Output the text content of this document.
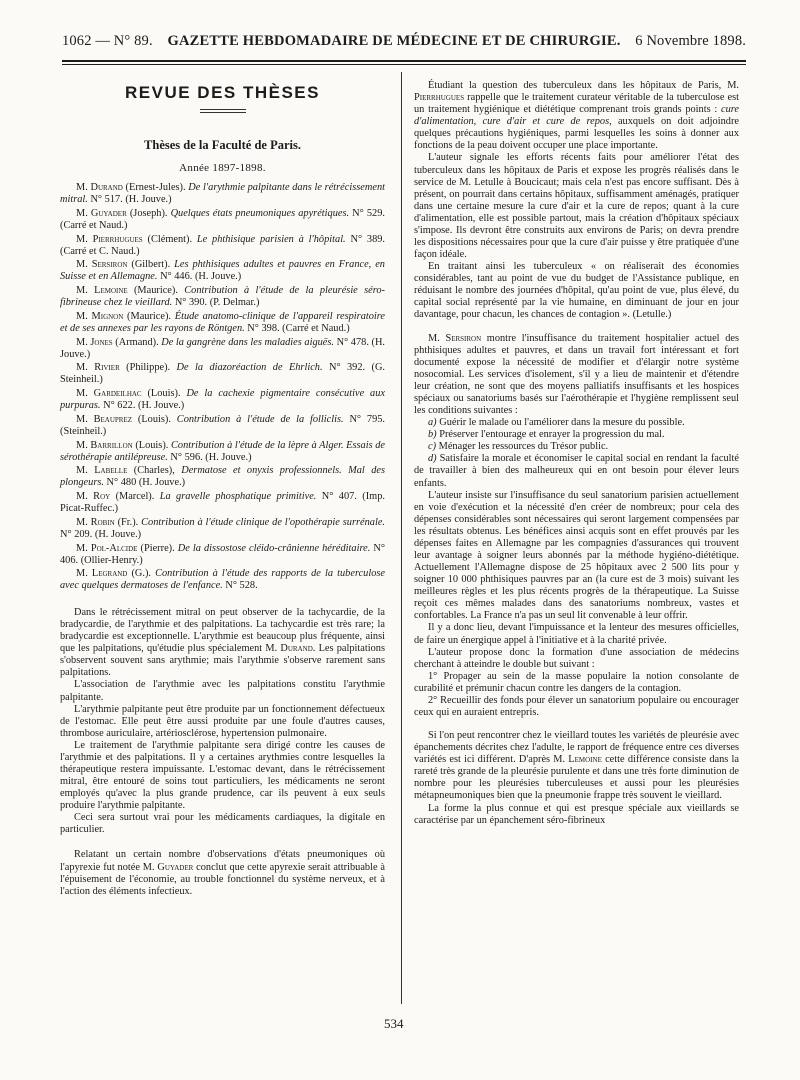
1062 — N° 89. GAZETTE HEBDOMADAIRE DE MÉDECINE ET DE CHIRURGIE. 6 Novembre 1898.
REVUE DES THÈSES
Thèses de la Faculté de Paris.
Année 1897-1898.
M. Durand (Ernest-Jules). De l'arythmie palpitante dans le rétrécissement mitral. N° 517. (H. Jouve.)
M. Guyader (Joseph). Quelques états pneumoniques apyrétiques. N° 529. (Carré et Naud.)
M. Pierrhugues (Clément). Le phthisique parisien à l'hôpital. N° 389. (Carré et C. Naud.)
M. Sersiron (Gilbert). Les phthisiques adultes et pauvres en France, en Suisse et en Allemagne. N° 446. (H. Jouve.)
M. Lemoine (Maurice). Contribution à l'étude de la pleurésie séro-fibrineuse chez le vieillard. N° 390. (P. Delmar.)
M. Mignon (Maurice). Étude anatomo-clinique de l'appareil respiratoire et de ses annexes par les rayons de Röntgen. N° 398. (Carré et Naud.)
M. Jones (Armand). De la gangrène dans les maladies aiguës. N° 478. (H. Jouve.)
M. Rivier (Philippe). De la diazoréaction de Ehrlich. N° 392. (G. Steinheil.)
M. Gardeilhac (Louis). De la cachexie pigmentaire consécutive aux purpuras. N° 622. (H. Jouve.)
M. Beauprez (Louis). Contribution à l'étude de la folliclis. N° 795. (Steinheil.)
M. Barrillon (Louis). Contribution à l'étude de la lèpre à Alger. Essais de sérothérapie antilépreuse. N° 596. (H. Jouve.)
M. Labelle (Charles), Dermatose et onyxis professionnels. Mal des plongeurs. N° 480 (H. Jouve.)
M. Roy (Marcel). La gravelle phosphatique primitive. N° 407. (Imp. Picat-Ruffec.)
M. Robin (Fr.). Contribution à l'étude clinique de l'opothérapie surrénale. N° 209. (H. Jouve.)
M. Pol-Alcide (Pierre). De la dissostose cléido-crânienne héréditaire. N° 406. (Ollier-Henry.)
M. Legrand (G.). Contribution à l'étude des rapports de la tuberculose avec quelques dermatoses de l'enfance. N° 528.

Dans le rétrécissement mitral on peut observer de la tachycardie, de la bradycardie, de l'arythmie et des palpitations. La tachycardie est très rare; la bradycardie est exceptionnelle. L'arythmie est beaucoup plus fréquente, ainsi que les palpitations, qu'étudie plus spécialement M. Durand. Les palpitations s'observent souvent sans arythmie; mais l'arythmie s'observe rarement sans palpitations.

L'association de l'arythmie avec les palpitations constitu l'arythmie palpitante.

L'arythmie palpitante peut être produite par un fonctionnement défectueux de l'estomac. Elle peut être aussi produite par une foule d'autres causes, thrombose auriculaire, artériosclérose, hypertension pulmonaire.

Le traitement de l'arythmie palpitante sera dirigé contre les causes de l'arythmie et des palpitations. Il y a certaines arythmies contre lesquelles la thérapeutique restera impuissante. L'estomac devant, dans le rétrécissement mitral, être entouré de soins tout particuliers, les médicaments ne seront employés qu'avec la plus grande prudence, car ils peuvent à eux seuls produire l'arythmie palpitante.

Ceci sera surtout vrai pour les médicaments cardiaques, la digitale en particulier.

Relatant un certain nombre d'observations d'états pneumoniques où l'apyrexie fut notée M. Guyader conclut que cette apyrexie serait attribuable à l'épuisement de l'économie, au trouble fonctionnel du système nerveux, et à l'action des éléments infectieux.

Étudiant la question des tuberculeux dans les hôpitaux de Paris, M. Pierrhugues rappelle que le traitement curateur véritable de la tuberculose est un traitement hygiénique et diététique comprenant trois grands points : cure d'alimentation, cure d'air et cure de repos, auxquels on doit adjoindre quelques précautions hygiéniques, parmi lesquelles les soins à donner aux fonctions de la peau doivent occuper une place importante.

L'auteur signale les efforts récents faits pour améliorer l'état des tuberculeux dans les hôpitaux de Paris et expose les progrès réalisés dans le service de M. Letulle à Boucicaut; mais cela n'est pas encore suffisant. Dès à présent, on pourrait dans certains hôpitaux, suffisamment aménagés, pratiquer dans une certaine mesure la cure d'air et la cure de repos; quant à la cure d'alimentation, elle est possible partout, mais la création d'hôpitaux spéciaux s'impose. Ils devront être construits aux environs de Paris; on devra prendre les dispositions nécessaires pour que la cure d'air puisse y être pratiquée d'une façon idéale.

En traitant ainsi les tuberculeux « on réaliserait des économies considérables, tant au point de vue du budget de l'Assistance publique, en réduisant le nombre des journées d'hôpital, qu'au point de vue, plus élevé, du capital social représenté par la vie humaine, en diminuant de jour en jour davantage, pour chacun, les chances de contagion ». (Letulle.)

M. Sersiron montre l'insuffisance du traitement hospitalier actuel des phthisiques adultes et pauvres, et dans un travail fort intéressant et fort documenté expose la nécessité de modifier et d'élargir notre système nosocomial. Les services d'isolement, s'il y a lieu de maintenir et d'étendre leur création, ne sont que des moyens palliatifs insuffisants et les hospices spéciaux ou sanatoriums basés sur l'aérothérapie et l'hygiène remplissent seul les conditions suivantes :

a) Guérir le malade ou l'améliorer dans la mesure du possible.

b) Préserver l'entourage et enrayer la progression du mal.

c) Ménager les ressources du Trésor public.

d) Satisfaire la morale et économiser le capital social en rendant la faculté de travailler à bien des malheureux qui en ont besoin pour élever leurs enfants.

L'auteur insiste sur l'insuffisance du seul sanatorium parisien actuellement en voie d'exécution et la nécessité d'en créer de nombreux; pour cela des dépenses considérables sont nécessaires qui seront largement compensées par les résultats obtenus. Les bénéfices ainsi acquis sont en effet prouvés par les dépenses faites en Allemagne par les compagnies d'assurances qui trouvent leur avantage à soigner leurs abonnés par la méthode hygiéno-diététique. Actuellement l'Allemagne dispose de 25 hôpitaux avec 2 500 lits pour y soigner 10 000 phthisiques pauvres par an (la cure est de 3 mois) suivant les meilleures règles et les plus récents progrès de la thérapeutique. La Suisse reçoit ces mêmes malades dans des sanatoriums nombreux, vastes et confortables. La France n'a pas un seul lit convenable à leur offrir.

Il y a donc lieu, devant l'impuissance et la lenteur des mesures officielles, de faire un énergique appel à l'initiative et à la charité privée.

L'auteur propose donc la formation d'une association de médecins cherchant à atteindre le double but suivant :

1° Propager au sein de la masse populaire la notion consolante de curabilité et prémunir chacun contre les dangers de la contagion.

2° Recueillir des fonds pour élever un sanatorium populaire ou encourager ceux qui en auraient entrepris.

Si l'on peut rencontrer chez le vieillard toutes les variétés de pleurésie avec épanchements décrites chez l'adulte, le rapport de fréquence entre ces diverses variétés est ici différent. D'après M. Lemoine cette différence consiste dans la rareté très grande de la pleurésie purulente et dans une très forte diminution de nombre pour les pleurésies tuberculeuses et aussi pour les pleurésies métapneumoniques bien que la pneumonie frappe très souvent le vieillard.

La forme la plus connue et qui est presque spéciale aux vieillards se caractérise par un épanchement séro-fibrineux

534
